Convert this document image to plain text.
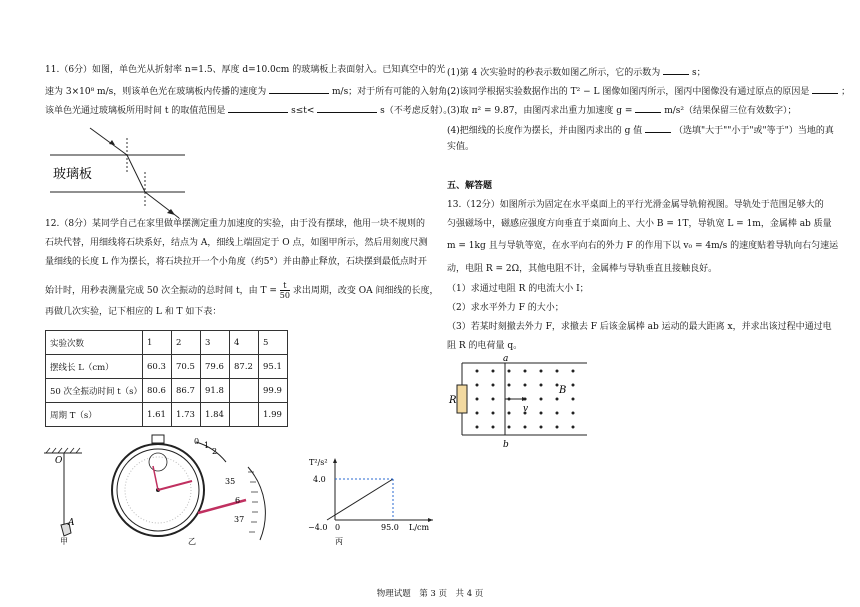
11.（6分）如图，单色光从折射率 n=1.5、厚度 d=10.0cm 的玻璃板上表面射入。已知真空中的光
速为 3×10⁸ m/s，则该单色光在玻璃板内传播的速度为	m/s；对于所有可能的入射角，
该单色光通过玻璃板所用时间 t 的取值范围是	s≤t<	s（不考虑反射）。
玻璃板
12.（8分）某同学自己在家里做单摆测定重力加速度的实验，由于没有摆球，他用一块不规则的
石块代替，用细线将石块系好，结点为 A，细线上端固定于 O 点，如图甲所示，然后用刻度尺测
量细线的长度 L 作为摆长，将石块拉开一个小角度（约5°）并由静止释放，石块摆到最低点时开
始计时，用秒表测量完成 50 次全振动的总时间 t，由 $T = \frac{t}{50}$ 求出周期，改变 OA 间细线的长度，
再做几次实验，记下相应的 L 和 T 如下表：
实验次数	1	2	3	4	5
摆线长 L（cm）	60.3	70.5	79.6	87.2	95.1
50 次全振动时间 t（s）	80.6	86.7	91.8		99.9
周期 T（s）	1.61	1.73	1.84		1.99
O
A
甲
0 1
2
35
6
37
乙
T²/s²
4.0
−4.0 0	95.0 L/cm
丙
(1)第 4 次实验时的秒表示数如图乙所示，它的示数为	s；
(2)该同学根据实验数据作出的 T² − L 图像如图丙所示，图丙中图像没有通过原点的原因是	；
(3)取 π² = 9.87，由图丙求出重力加速度 g =	m/s²（结果保留三位有效数字）；
(4)把细线的长度作为摆长，并由图丙求出的 g 值	（选填"大于""小于"或"等于"）当地的真
实值。
五、解答题
13.（12分）如图所示为固定在水平桌面上的平行光滑金属导轨俯视图。导轨处于范围足够大的
匀强磁场中，磁感应强度方向垂直于桌面向上、大小 B = 1T，导轨宽 L = 1m，金属棒 ab 质量
m = 1kg 且与导轨等宽，在水平向右的外力 F 的作用下以 v₀ = 4m/s 的速度贴着导轨向右匀速运
动，电阻 R = 2Ω，其他电阻不计，金属棒与导轨垂直且接触良好。
（1）求通过电阻 R 的电流大小 I；
（2）求水平外力 F 的大小；
（3）若某时刻撤去外力 F，求撤去 F 后该金属棒 ab 运动的最大距离 x，并求出该过程中通过电
阻 R 的电荷量 q。
R
a
b
B
v
物理试题　第 3 页　共 4 页
